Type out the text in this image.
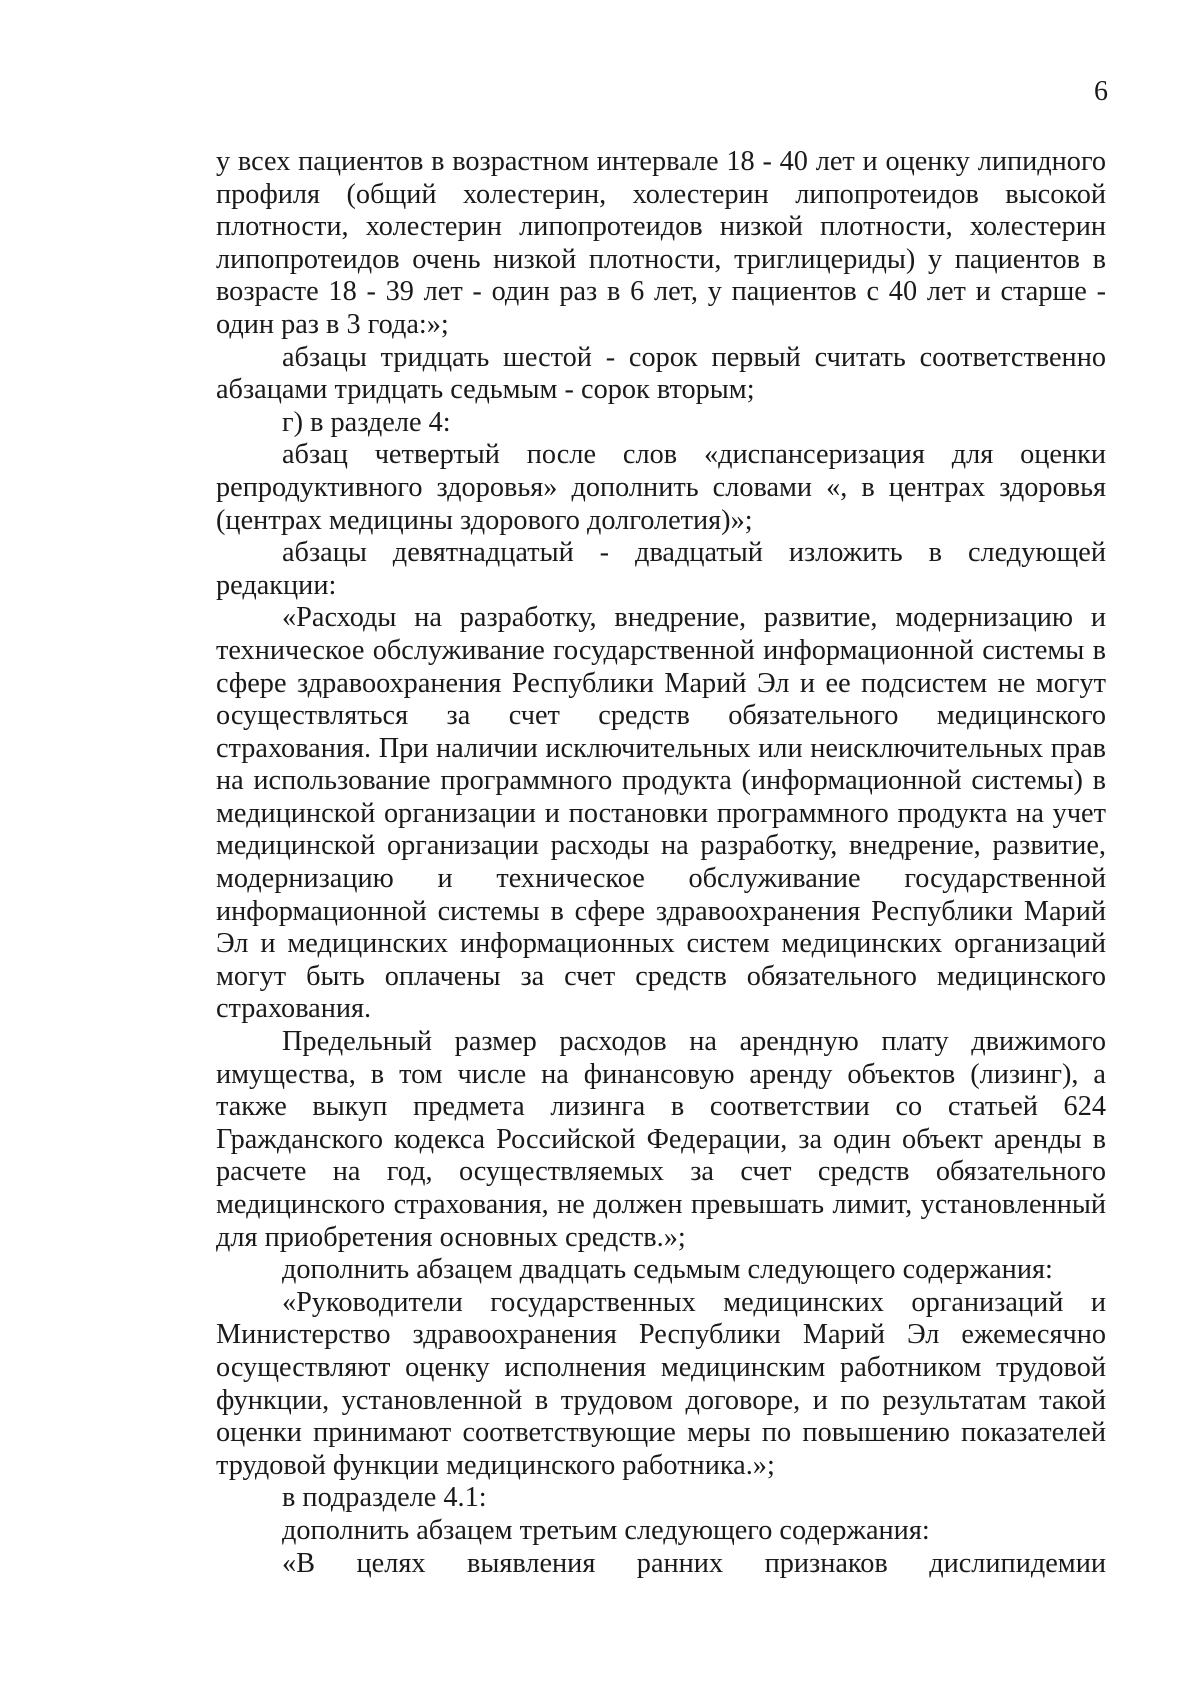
6

у всех пациентов в возрастном интервале 18 - 40 лет и оценку липидного профиля (общий холестерин, холестерин липопротеидов высокой плотности, холестерин липопротеидов низкой плотности, холестерин липопротеидов очень низкой плотности, триглицериды) у пациентов в возрасте 18 - 39 лет - один раз в 6 лет, у пациентов с 40 лет и старше - один раз в 3 года:»;

абзацы тридцать шестой - сорок первый считать соответственно абзацами тридцать седьмым - сорок вторым;

г) в разделе 4:

абзац четвертый после слов «диспансеризация для оценки репродуктивного здоровья» дополнить словами «, в центрах здоровья (центрах медицины здорового долголетия)»;

абзацы девятнадцатый - двадцатый изложить в следующей редакции:

«Расходы на разработку, внедрение, развитие, модернизацию и техническое обслуживание государственной информационной системы в сфере здравоохранения Республики Марий Эл и ее подсистем не могут осуществляться за счет средств обязательного медицинского страхования. При наличии исключительных или неисключительных прав на использование программного продукта (информационной системы) в медицинской организации и постановки программного продукта на учет медицинской организации расходы на разработку, внедрение, развитие, модернизацию и техническое обслуживание государственной информационной системы в сфере здравоохранения Республики Марий Эл и медицинских информационных систем медицинских организаций могут быть оплачены за счет средств обязательного медицинского страхования.

Предельный размер расходов на арендную плату движимого имущества, в том числе на финансовую аренду объектов (лизинг), а также выкуп предмета лизинга в соответствии со статьей 624 Гражданского кодекса Российской Федерации, за один объект аренды в расчете на год, осуществляемых за счет средств обязательного медицинского страхования, не должен превышать лимит, установленный для приобретения основных средств.»;

дополнить абзацем двадцать седьмым следующего содержания:

«Руководители государственных медицинских организаций и Министерство здравоохранения Республики Марий Эл ежемесячно осуществляют оценку исполнения медицинским работником трудовой функции, установленной в трудовом договоре, и по результатам такой оценки принимают соответствующие меры по повышению показателей трудовой функции медицинского работника.»;

в подразделе 4.1:

дополнить абзацем третьим следующего содержания:

«В целях выявления ранних признаков дислипидемии
